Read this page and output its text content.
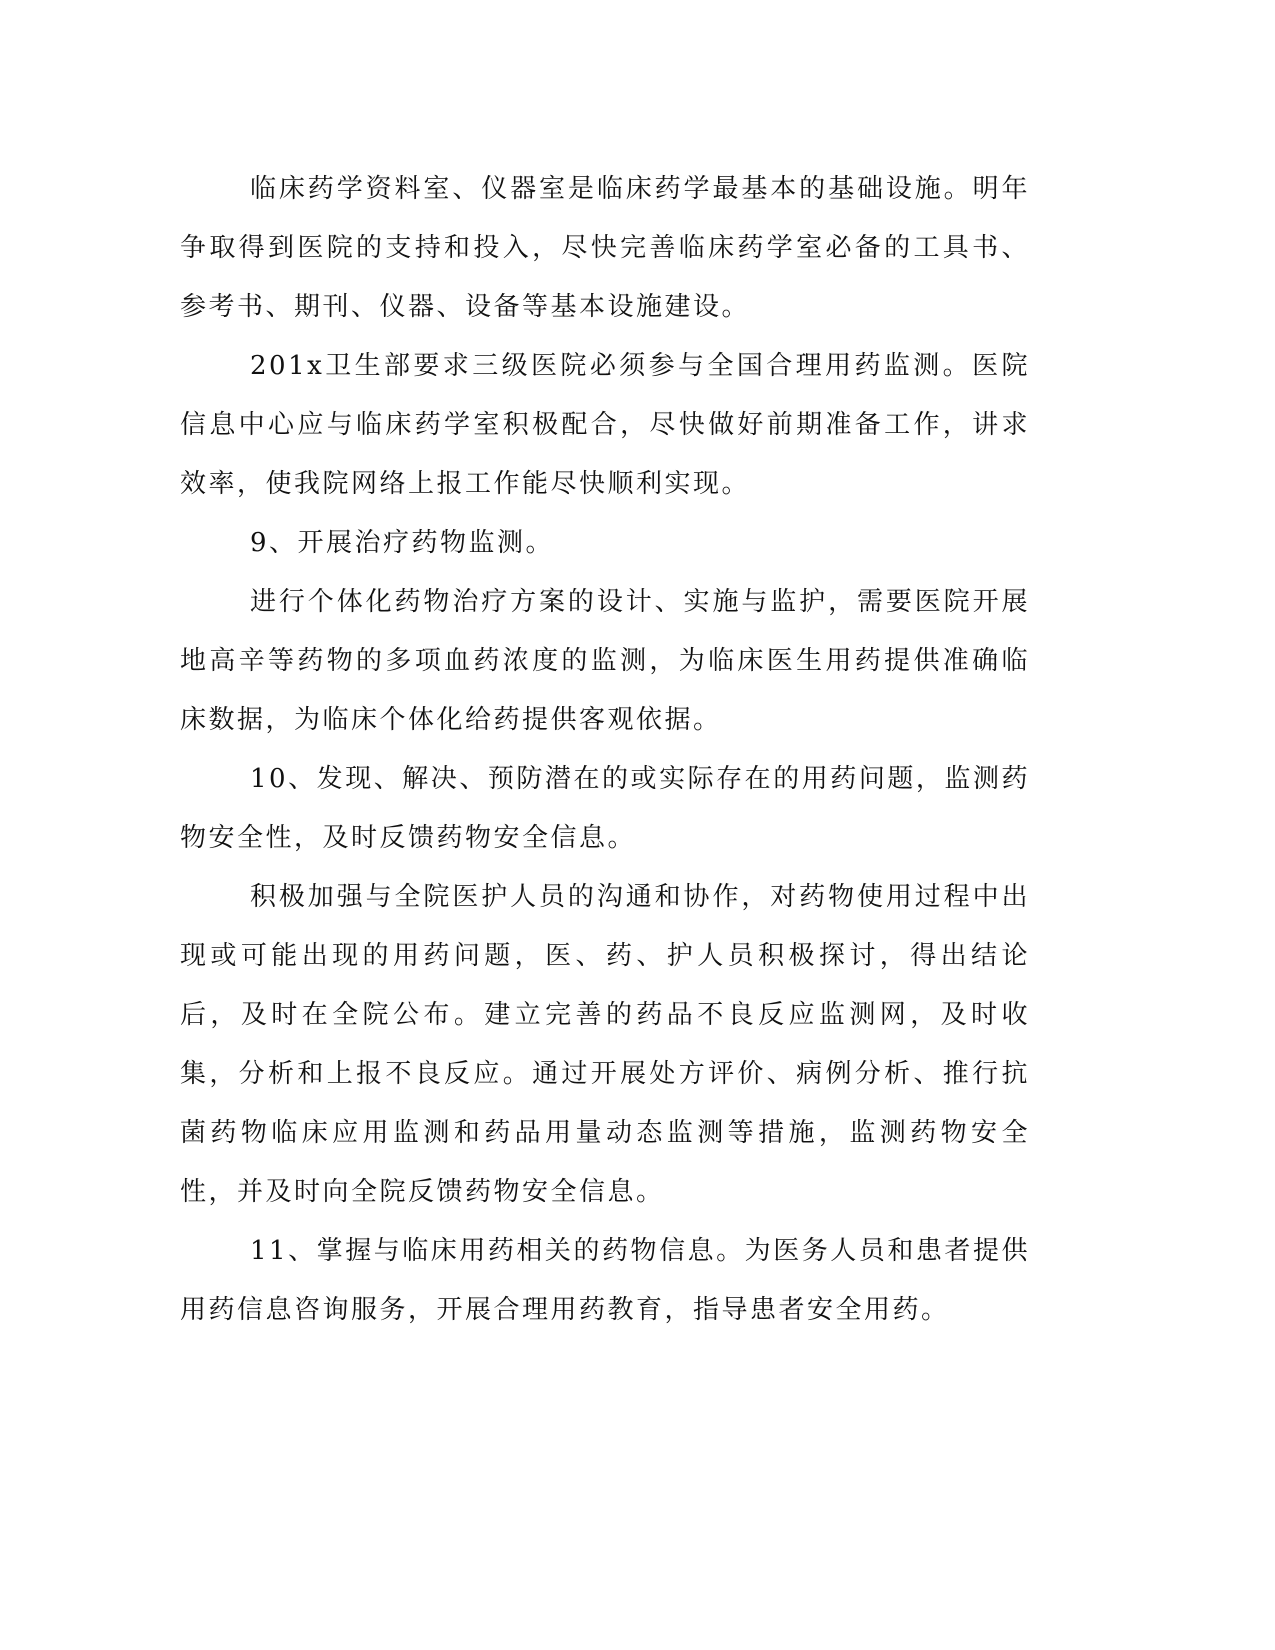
临床药学资料室、仪器室是临床药学最基本的基础设施。明年争取得到医院的支持和投入，尽快完善临床药学室必备的工具书、参考书、期刊、仪器、设备等基本设施建设。

201x卫生部要求三级医院必须参与全国合理用药监测。医院信息中心应与临床药学室积极配合，尽快做好前期准备工作，讲求效率，使我院网络上报工作能尽快顺利实现。

9、开展治疗药物监测。

进行个体化药物治疗方案的设计、实施与监护，需要医院开展地高辛等药物的多项血药浓度的监测，为临床医生用药提供准确临床数据，为临床个体化给药提供客观依据。

10、发现、解决、预防潜在的或实际存在的用药问题，监测药物安全性，及时反馈药物安全信息。

积极加强与全院医护人员的沟通和协作，对药物使用过程中出现或可能出现的用药问题，医、药、护人员积极探讨，得出结论后，及时在全院公布。建立完善的药品不良反应监测网，及时收集，分析和上报不良反应。通过开展处方评价、病例分析、推行抗菌药物临床应用监测和药品用量动态监测等措施，监测药物安全性，并及时向全院反馈药物安全信息。

11、掌握与临床用药相关的药物信息。为医务人员和患者提供用药信息咨询服务，开展合理用药教育，指导患者安全用药。
